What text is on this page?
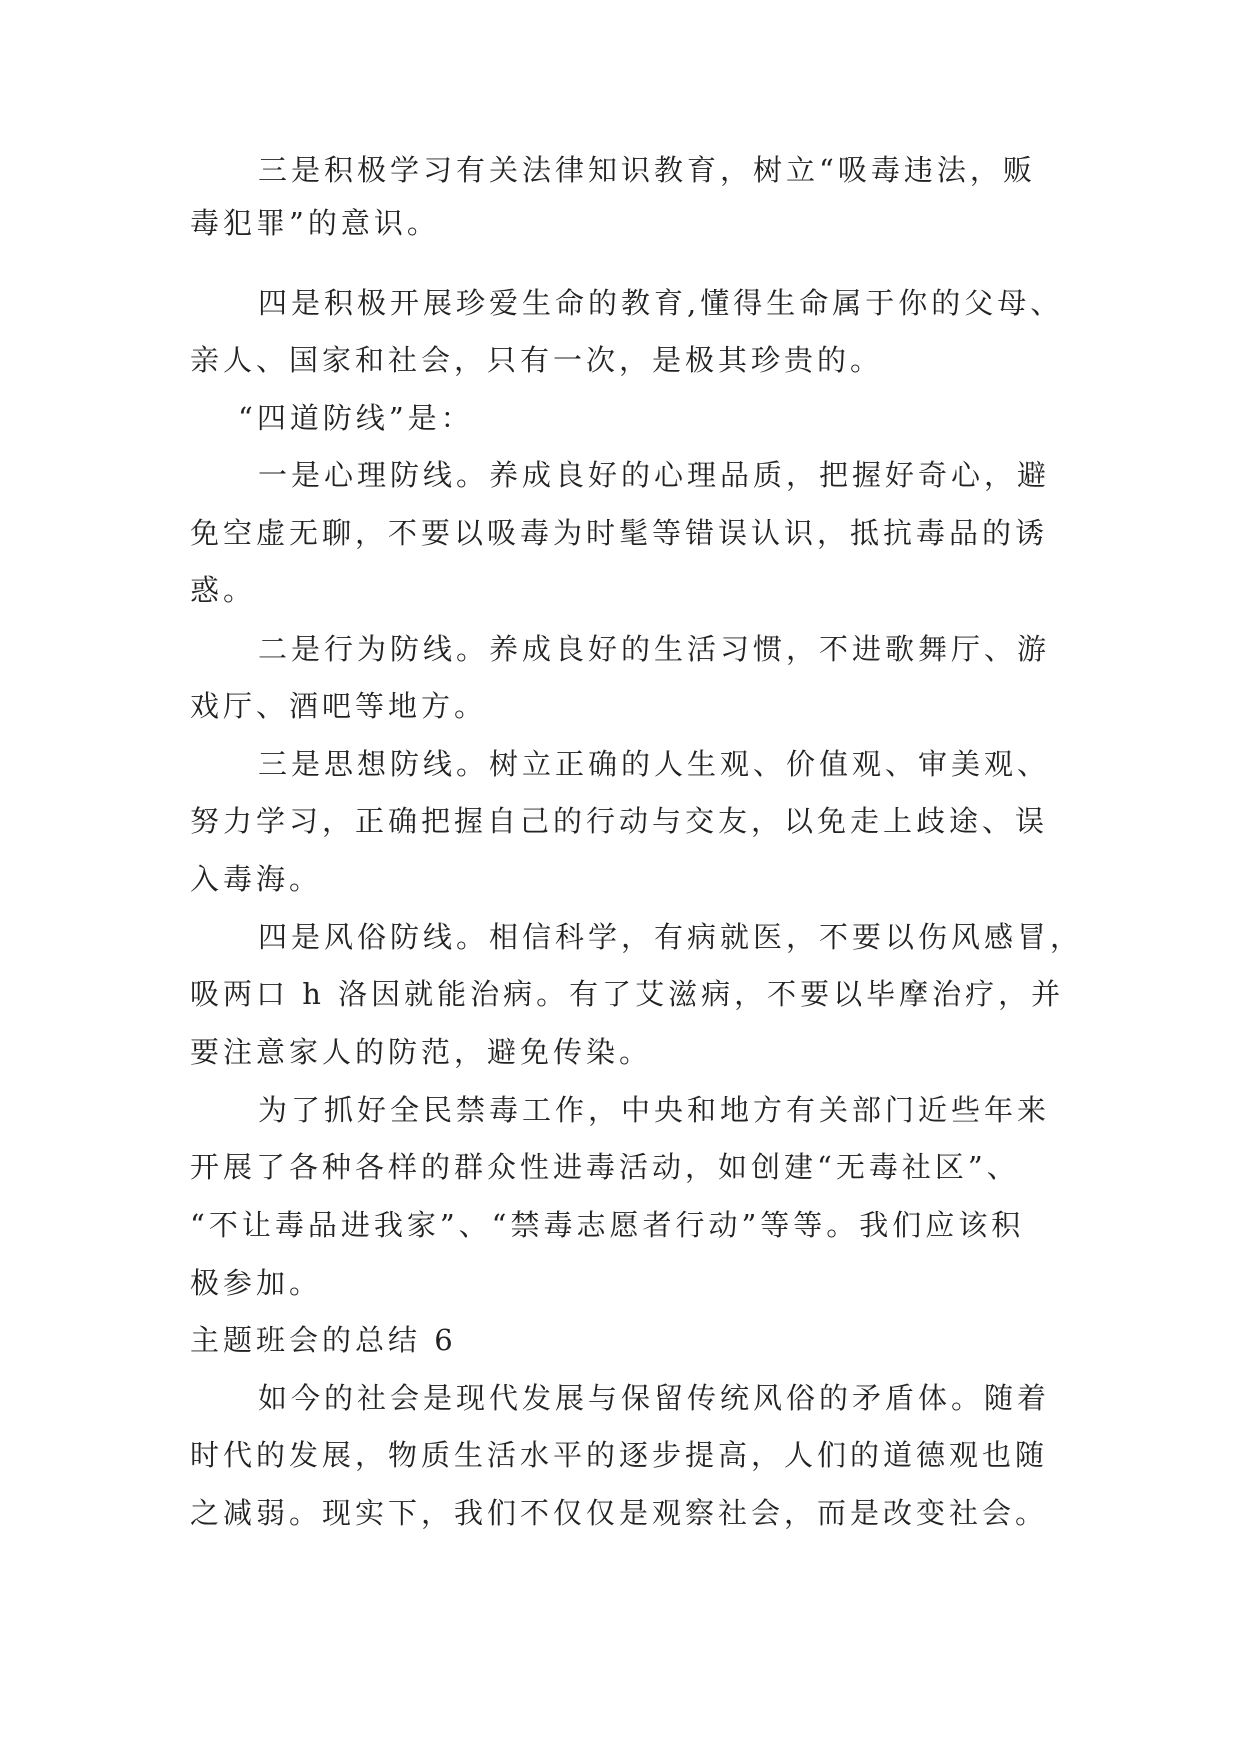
三是积极学习有关法律知识教育，树立“吸毒违法，贩
毒犯罪”的意识。
四是积极开展珍爱生命的教育,懂得生命属于你的父母、
亲人、国家和社会，只有一次，是极其珍贵的。
“四道防线”是：
一是心理防线。养成良好的心理品质，把握好奇心，避
免空虚无聊，不要以吸毒为时髦等错误认识，抵抗毒品的诱
惑。
二是行为防线。养成良好的生活习惯，不进歌舞厅、游
戏厅、酒吧等地方。
三是思想防线。树立正确的人生观、价值观、审美观、
努力学习，正确把握自己的行动与交友，以免走上歧途、误
入毒海。
四是风俗防线。相信科学，有病就医，不要以伤风感冒，
吸两口 h 洛因就能治病。有了艾滋病，不要以毕摩治疗，并
要注意家人的防范，避免传染。
为了抓好全民禁毒工作，中央和地方有关部门近些年来
开展了各种各样的群众性进毒活动，如创建“无毒社区”、
“不让毒品进我家”、“禁毒志愿者行动”等等。我们应该积
极参加。
主题班会的总结 6
如今的社会是现代发展与保留传统风俗的矛盾体。随着
时代的发展，物质生活水平的逐步提高，人们的道德观也随
之减弱。现实下，我们不仅仅是观察社会，而是改变社会。
